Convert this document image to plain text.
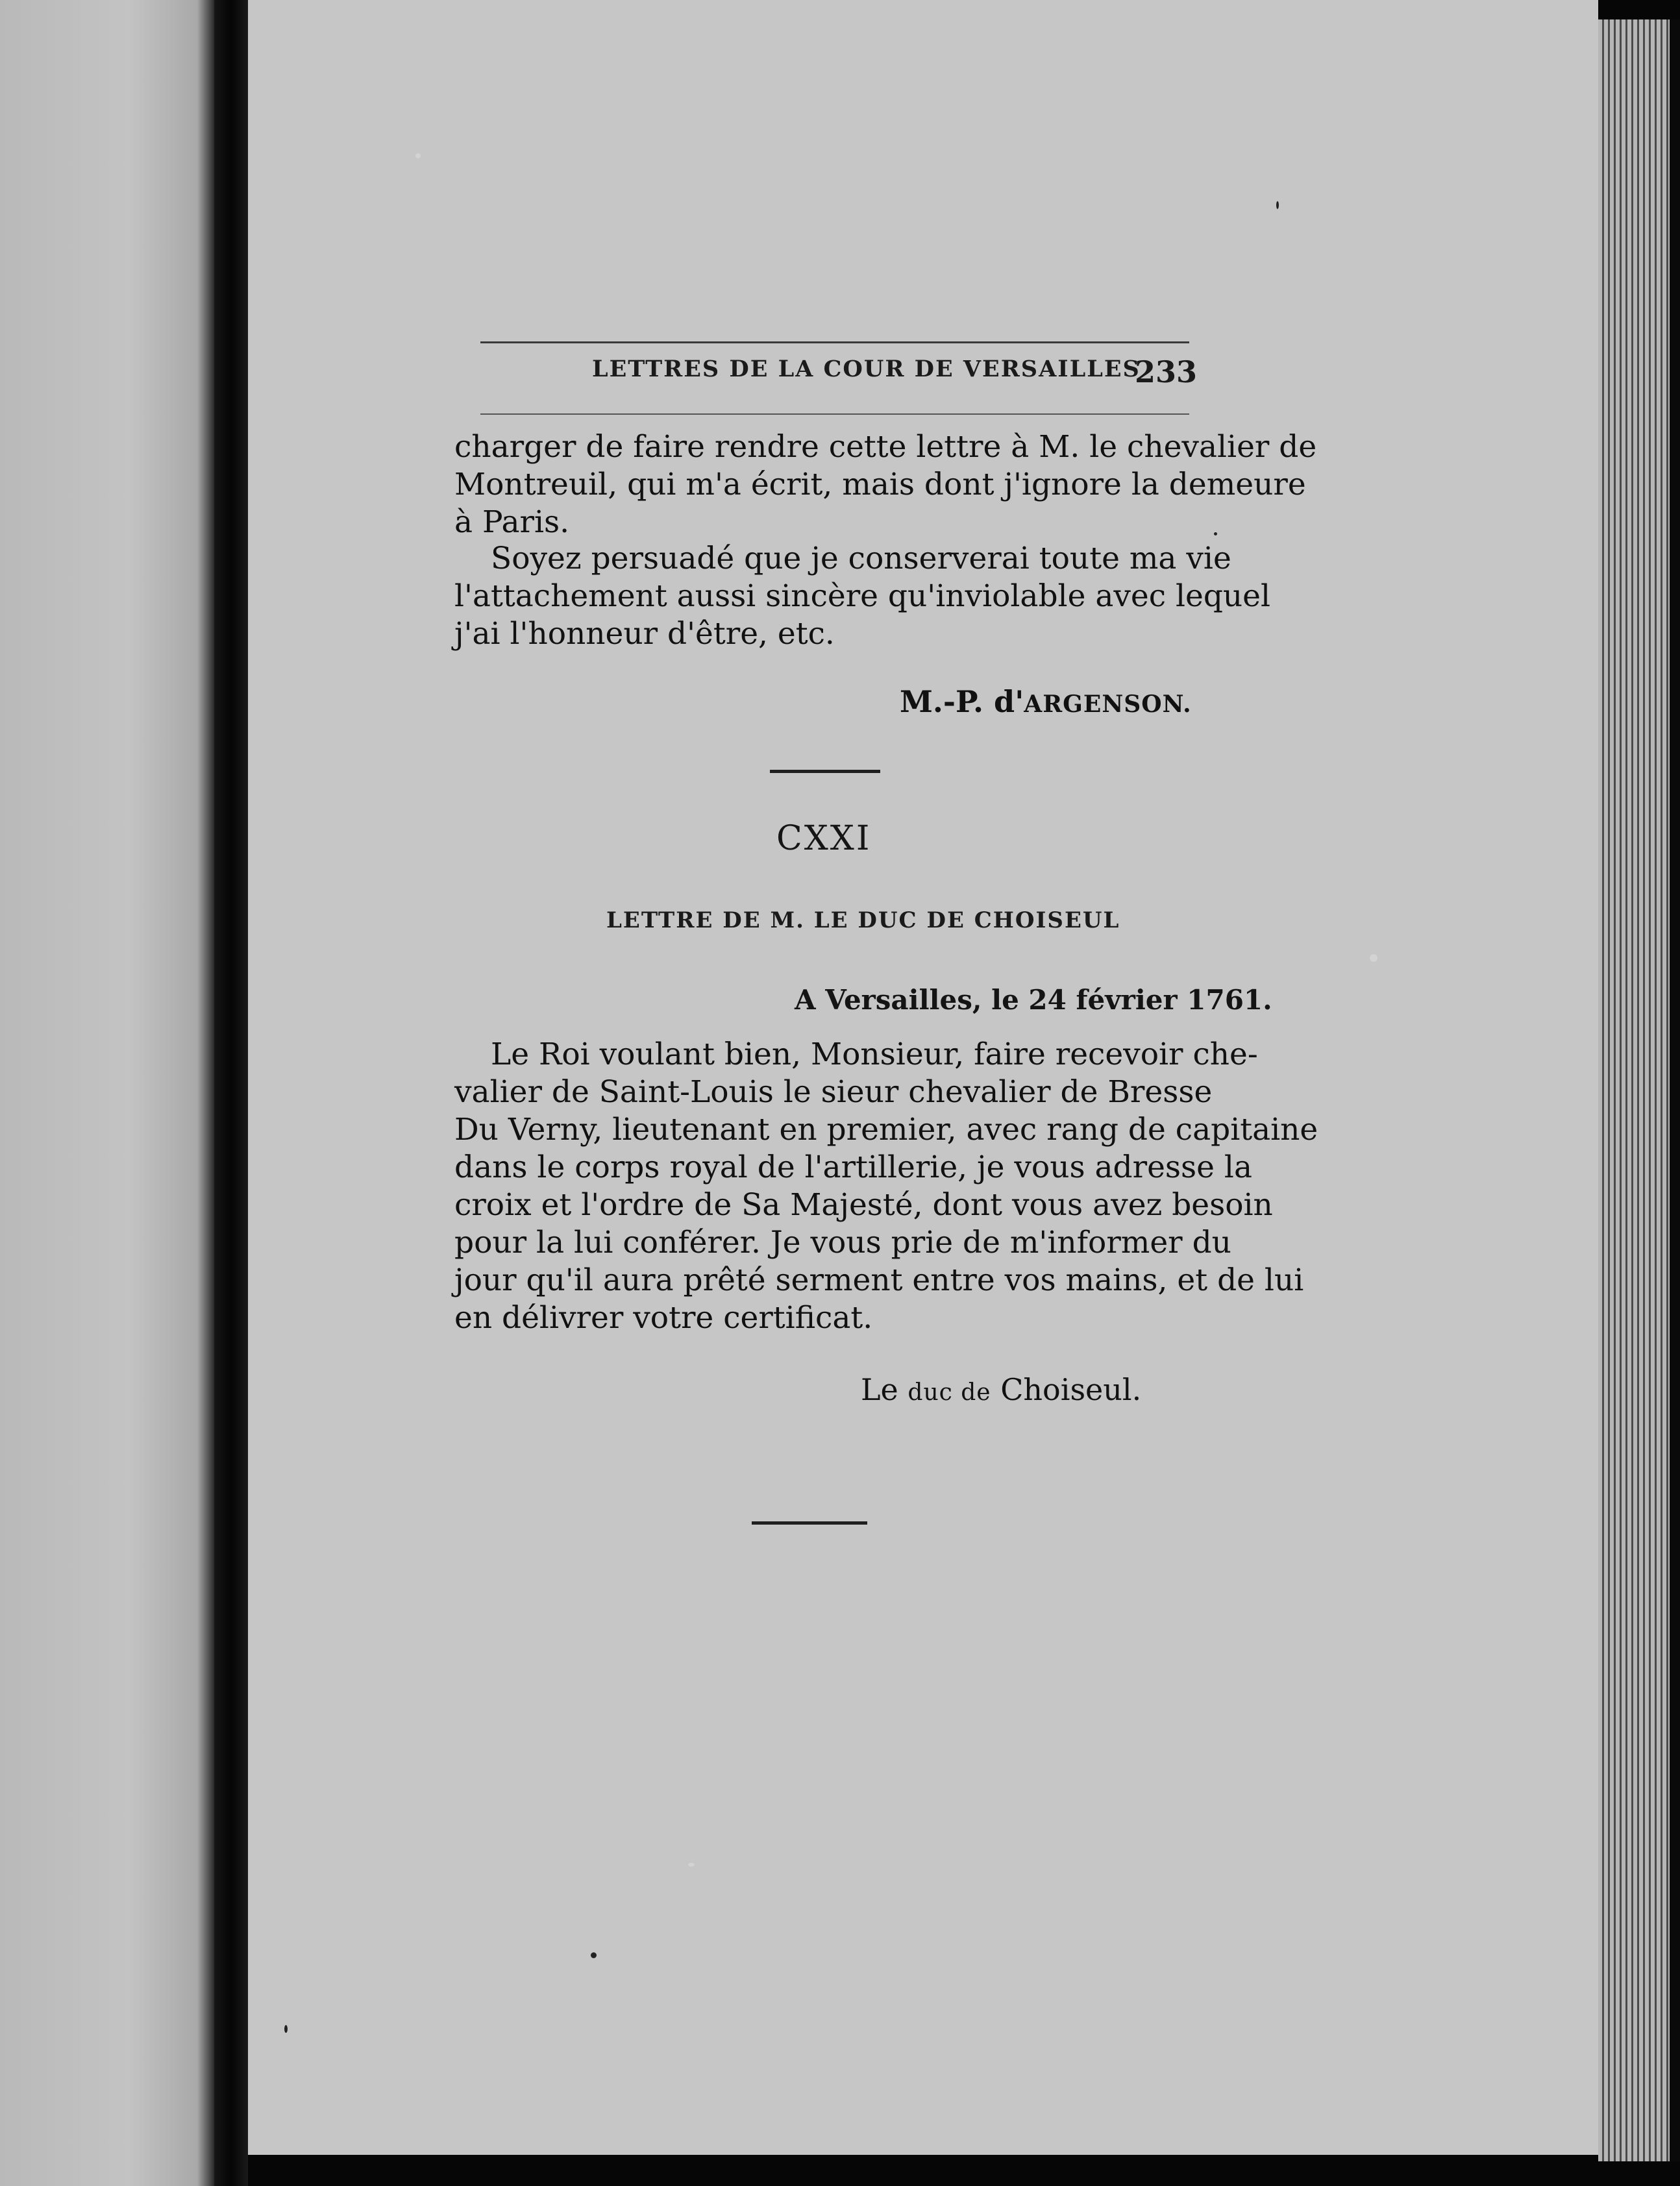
LETTRES DE LA COUR DE VERSAILLES
233
charger de faire rendre cette lettre à M. le chevalier de
Montreuil, qui m'a écrit, mais dont j'ignore la demeure
à Paris.
Soyez persuadé que je conserverai toute ma vie
l'attachement aussi sincère qu'inviolable avec lequel
j'ai l'honneur d'être, etc.
M.-P. d'ARGENSON.
CXXI
LETTRE DE M. LE DUC DE CHOISEUL
A Versailles, le 24 février 1761.
Le Roi voulant bien, Monsieur, faire recevoir che-
valier de Saint-Louis le sieur chevalier de Bresse
Du Verny, lieutenant en premier, avec rang de capitaine
dans le corps royal de l'artillerie, je vous adresse la
croix et l'ordre de Sa Majesté, dont vous avez besoin
pour la lui conférer. Je vous prie de m'informer du
jour qu'il aura prêté serment entre vos mains, et de lui
en délivrer votre certificat.
Le duc de Choiseul.
